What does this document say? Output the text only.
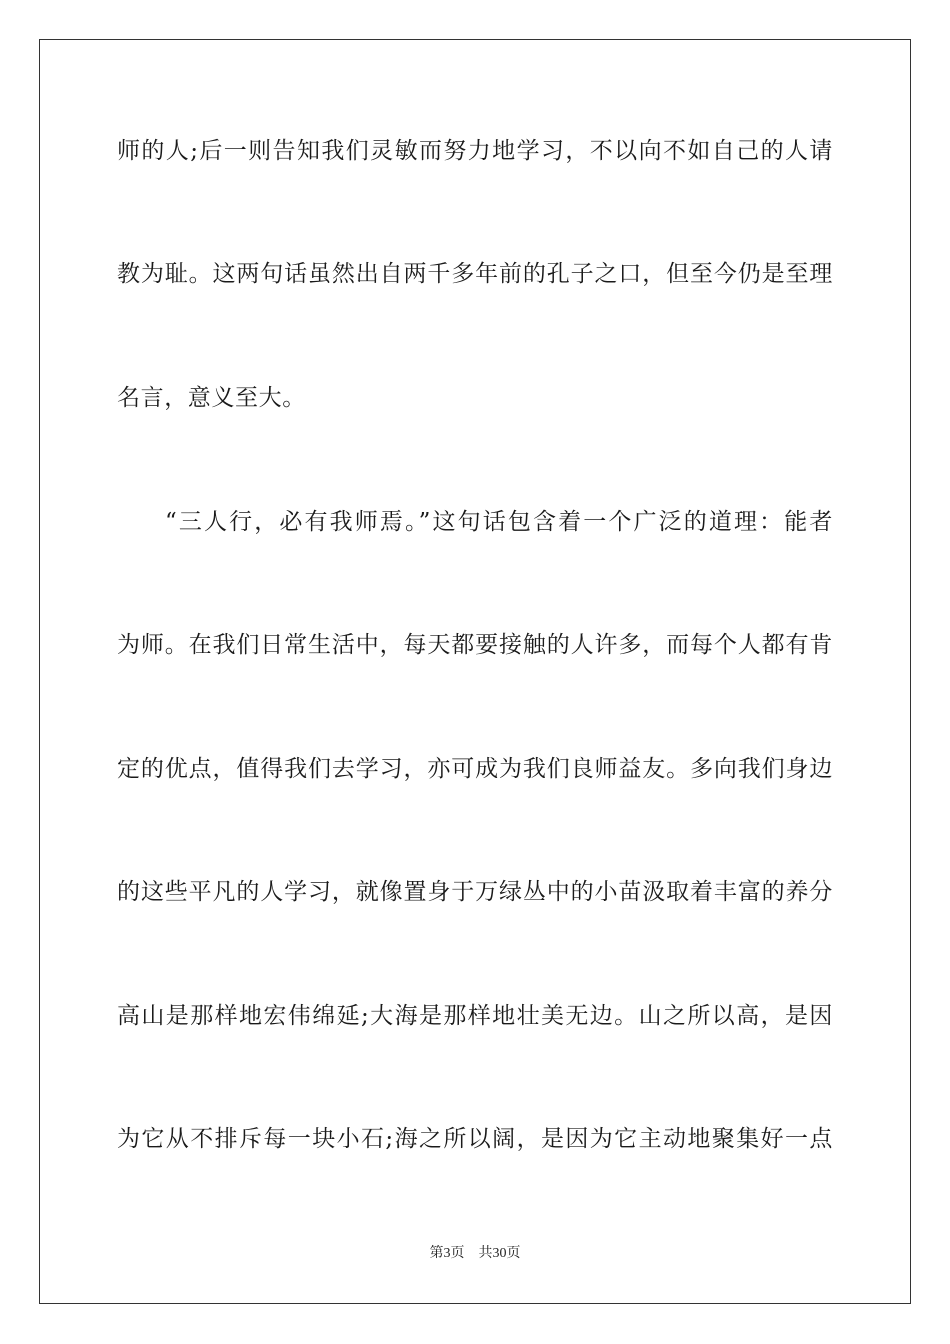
师的人;后一则告知我们灵敏而努力地学习，不以向不如自己的人请
教为耻。这两句话虽然出自两千多年前的孔子之口，但至今仍是至理
名言，意义至大。
“三人行，必有我师焉。”这句话包含着一个广泛的道理：能者
为师。在我们日常生活中，每天都要接触的人许多，而每个人都有肯
定的优点，值得我们去学习，亦可成为我们良师益友。多向我们身边
的这些平凡的人学习，就像置身于万绿丛中的小苗汲取着丰富的养分
高山是那样地宏伟绵延;大海是那样地壮美无边。山之所以高，是因
为它从不排斥每一块小石;海之所以阔，是因为它主动地聚集好一点
第3页 共30页
